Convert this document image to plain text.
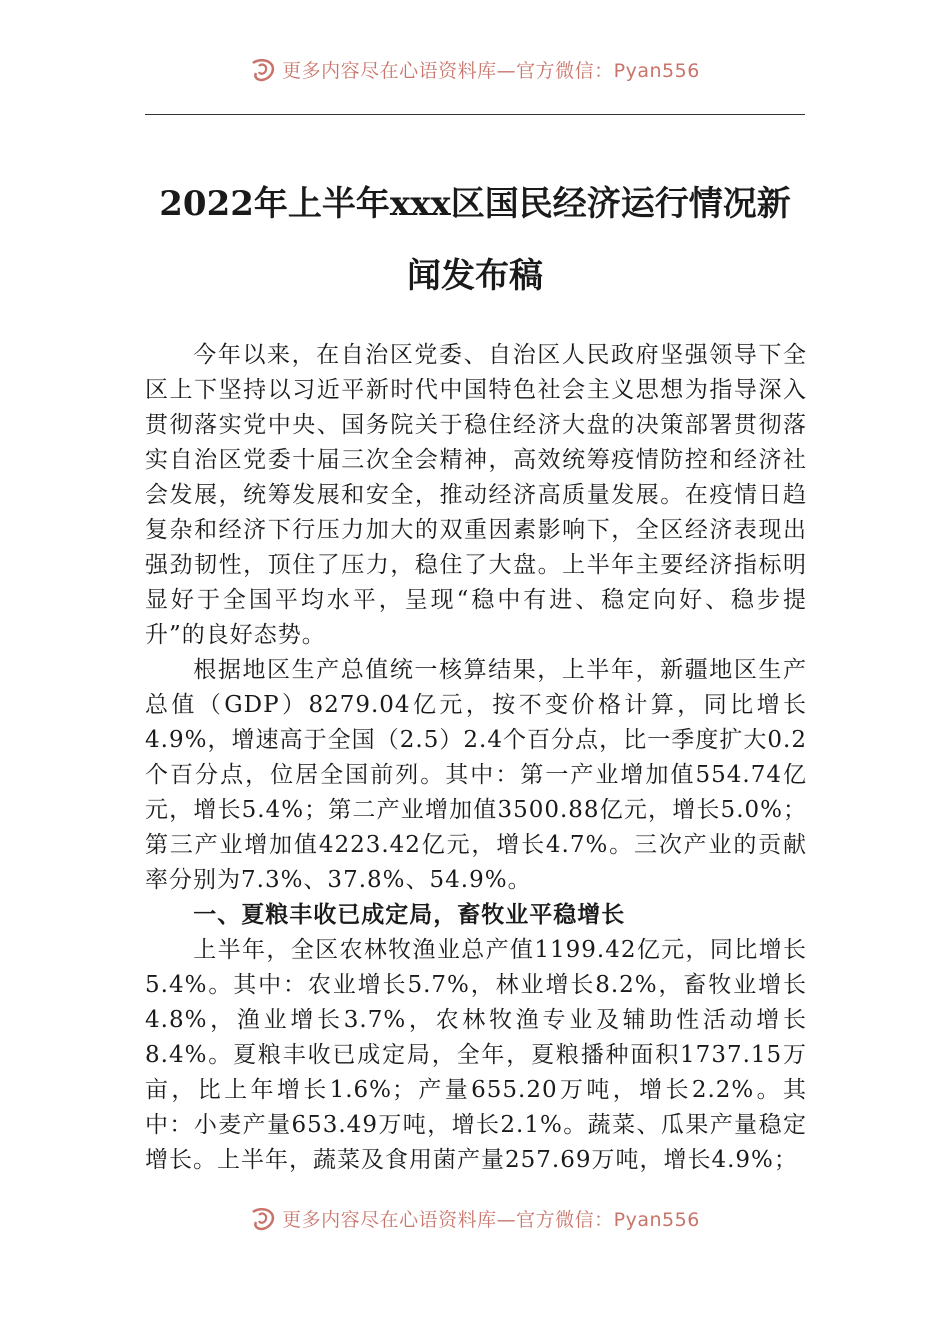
更多内容尽在心语资料库—官方微信：Pyan556
2022年上半年xxx区国民经济运行情况新闻发布稿

今年以来，在自治区党委、自治区人民政府坚强领导下全区上下坚持以习近平新时代中国特色社会主义思想为指导深入贯彻落实党中央、国务院关于稳住经济大盘的决策部署贯彻落实自治区党委十届三次全会精神，高效统筹疫情防控和经济社会发展，统筹发展和安全，推动经济高质量发展。在疫情日趋复杂和经济下行压力加大的双重因素影响下，全区经济表现出强劲韧性，顶住了压力，稳住了大盘。上半年主要经济指标明显好于全国平均水平，呈现“稳中有进、稳定向好、稳步提升”的良好态势。

根据地区生产总值统一核算结果，上半年，新疆地区生产总值（GDP）8279.04亿元，按不变价格计算，同比增长4.9%，增速高于全国（2.5）2.4个百分点，比一季度扩大0.2个百分点，位居全国前列。其中：第一产业增加值554.74亿元，增长5.4%；第二产业增加值3500.88亿元，增长5.0%；第三产业增加值4223.42亿元，增长4.7%。三次产业的贡献率分别为7.3%、37.8%、54.9%。

一、夏粮丰收已成定局，畜牧业平稳增长

上半年，全区农林牧渔业总产值1199.42亿元，同比增长5.4%。其中：农业增长5.7%，林业增长8.2%，畜牧业增长4.8%，渔业增长3.7%，农林牧渔专业及辅助性活动增长8.4%。夏粮丰收已成定局，全年，夏粮播种面积1737.15万亩，比上年增长1.6%；产量655.20万吨，增长2.2%。其中：小麦产量653.49万吨，增长2.1%。蔬菜、瓜果产量稳定增长。上半年，蔬菜及食用菌产量257.69万吨，增长4.9%；

更多内容尽在心语资料库—官方微信：Pyan556
